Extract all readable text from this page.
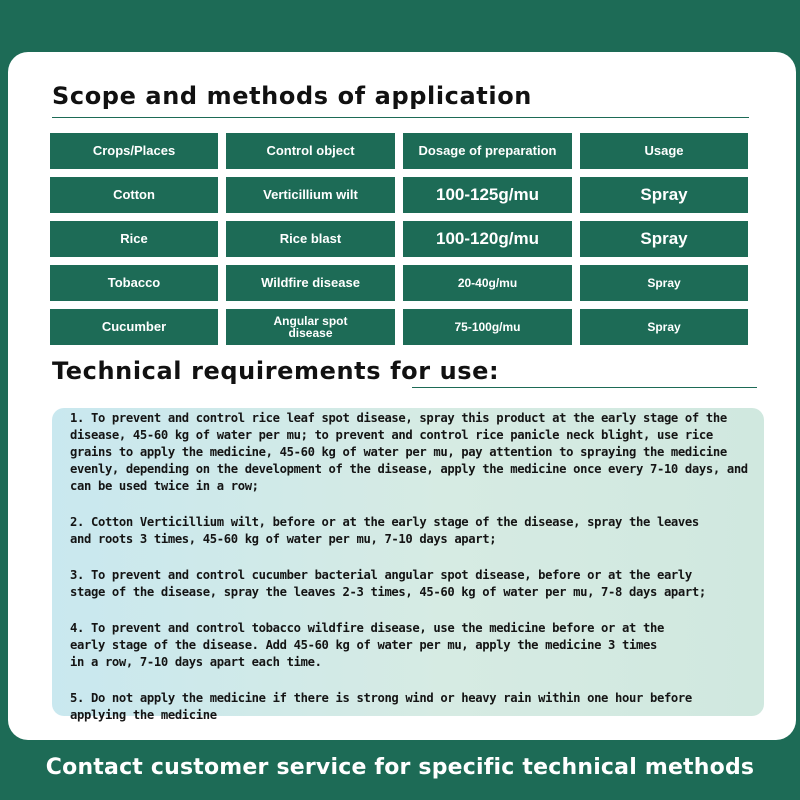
Scope and methods of application
Crops/Places	Control object	Dosage of preparation	Usage
Cotton	Verticillium wilt	100-125g/mu	Spray
Rice	Rice blast	100-120g/mu	Spray
Tobacco	Wildfire disease	20-40g/mu	Spray
Cucumber	Angular spot disease	75-100g/mu	Spray
Technical requirements for use:

1. To prevent and control rice leaf spot disease, spray this product at the early stage of the disease, 45-60 kg of water per mu; to prevent and control rice panicle neck blight, use rice grains to apply the medicine, 45-60 kg of water per mu, pay attention to spraying the medicine evenly, depending on the development of the disease, apply the medicine once every 7-10 days, and can be used twice in a row;

2. Cotton Verticillium wilt, before or at the early stage of the disease, spray the leaves and roots 3 times, 45-60 kg of water per mu, 7-10 days apart;

3. To prevent and control cucumber bacterial angular spot disease, before or at the early stage of the disease, spray the leaves 2-3 times, 45-60 kg of water per mu, 7-8 days apart;

4. To prevent and control tobacco wildfire disease, use the medicine before or at the early stage of the disease. Add 45-60 kg of water per mu, apply the medicine 3 times in a row, 7-10 days apart each time.

5. Do not apply the medicine if there is strong wind or heavy rain within one hour before applying the medicine

Contact customer service for specific technical methods
